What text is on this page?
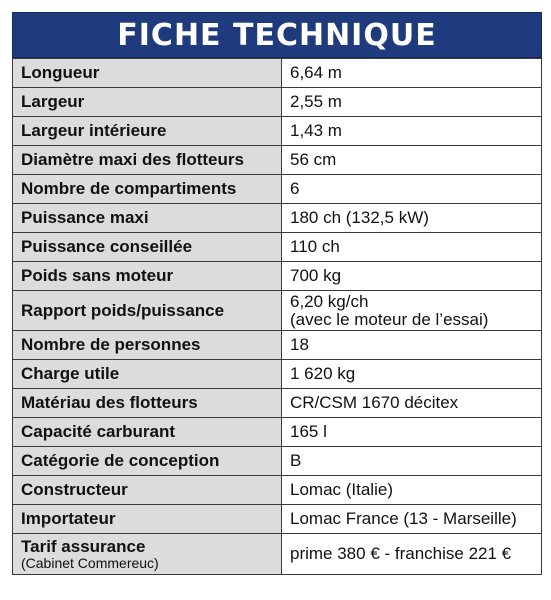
FICHE TECHNIQUE
Longueur	6,64 m
Largeur	2,55 m
Largeur intérieure	1,43 m
Diamètre maxi des flotteurs	56 cm
Nombre de compartiments	6
Puissance maxi	180 ch (132,5 kW)
Puissance conseillée	110 ch
Poids sans moteur	700 kg
Rapport poids/puissance	6,20 kg/ch
(avec le moteur de l’essai)

Nombre de personnes	18
Charge utile	1 620 kg
Matériau des flotteurs	CR/CSM 1670 décitex
Capacité carburant	165 l
Catégorie de conception	B
Constructeur	Lomac (Italie)
Importateur	Lomac France (13 - Marseille)

Tarif assurance
(Cabinet Commereuc)	prime 380 € - franchise 221 €
